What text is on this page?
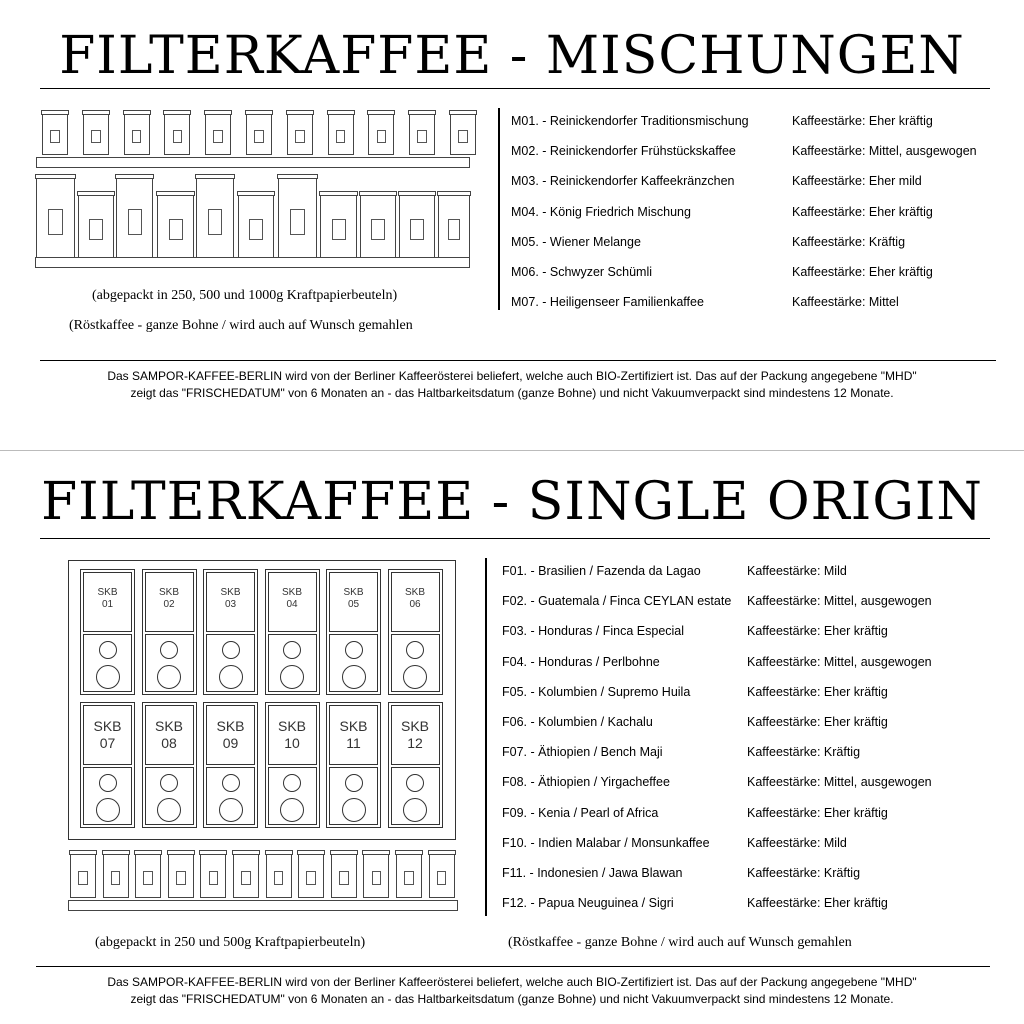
FILTERKAFFEE - MISCHUNGEN
M01. - Reinickendorfer Traditionsmischung	Kaffeestärke: Eher kräftig
M02. - Reinickendorfer Frühstückskaffee	Kaffeestärke: Mittel, ausgewogen
M03. - Reinickendorfer Kaffeekränzchen	Kaffeestärke: Eher mild
M04. - König Friedrich Mischung	Kaffeestärke: Eher kräftig
M05. - Wiener Melange	Kaffeestärke: Kräftig
M06. - Schwyzer Schümli	Kaffeestärke: Eher kräftig
M07. - Heiligenseer Familienkaffee	Kaffeestärke: Mittel
(abgepackt in 250, 500 und 1000g Kraftpapierbeuteln)
(Röstkaffee - ganze Bohne / wird auch auf Wunsch gemahlen
Das SAMPOR-KAFFEE-BERLIN wird von der Berliner Kaffeerösterei beliefert, welche auch BIO-Zertifiziert ist. Das auf der Packung angegebene "MHD"
zeigt das "FRISCHEDATUM" von 6 Monaten an - das Haltbarkeitsdatum (ganze Bohne) und nicht Vakuumverpackt sind mindestens 12 Monate.
FILTERKAFFEE - SINGLE ORIGIN
SKB
01
SKB
02
SKB
03
SKB
04
SKB
05
SKB
06
SKB
07
SKB
08
SKB
09
SKB
10
SKB
11
SKB
12
F01. - Brasilien / Fazenda da Lagao	Kaffeestärke: Mild
F02. - Guatemala / Finca CEYLAN estate Kaffeestärke: Mittel, ausgewogen
F03. - Honduras / Finca Especial	Kaffeestärke: Eher kräftig
F04. - Honduras / Perlbohne	Kaffeestärke: Mittel, ausgewogen
F05. - Kolumbien / Supremo Huila	Kaffeestärke: Eher kräftig
F06. - Kolumbien / Kachalu	Kaffeestärke: Eher kräftig
F07. - Äthiopien / Bench Maji	Kaffeestärke: Kräftig
F08. - Äthiopien / Yirgacheffee	Kaffeestärke: Mittel, ausgewogen
F09. - Kenia / Pearl of Africa	Kaffeestärke: Eher kräftig
F10. - Indien Malabar / Monsunkaffee	Kaffeestärke: Mild
F11. - Indonesien / Jawa Blawan	Kaffeestärke: Kräftig
F12. - Papua Neuguinea / Sigri	Kaffeestärke: Eher kräftig
(abgepackt in 250 und 500g Kraftpapierbeuteln)	(Röstkaffee - ganze Bohne / wird auch auf Wunsch gemahlen
Das SAMPOR-KAFFEE-BERLIN wird von der Berliner Kaffeerösterei beliefert, welche auch BIO-Zertifiziert ist. Das auf der Packung angegebene "MHD"
zeigt das "FRISCHEDATUM" von 6 Monaten an - das Haltbarkeitsdatum (ganze Bohne) und nicht Vakuumverpackt sind mindestens 12 Monate.
